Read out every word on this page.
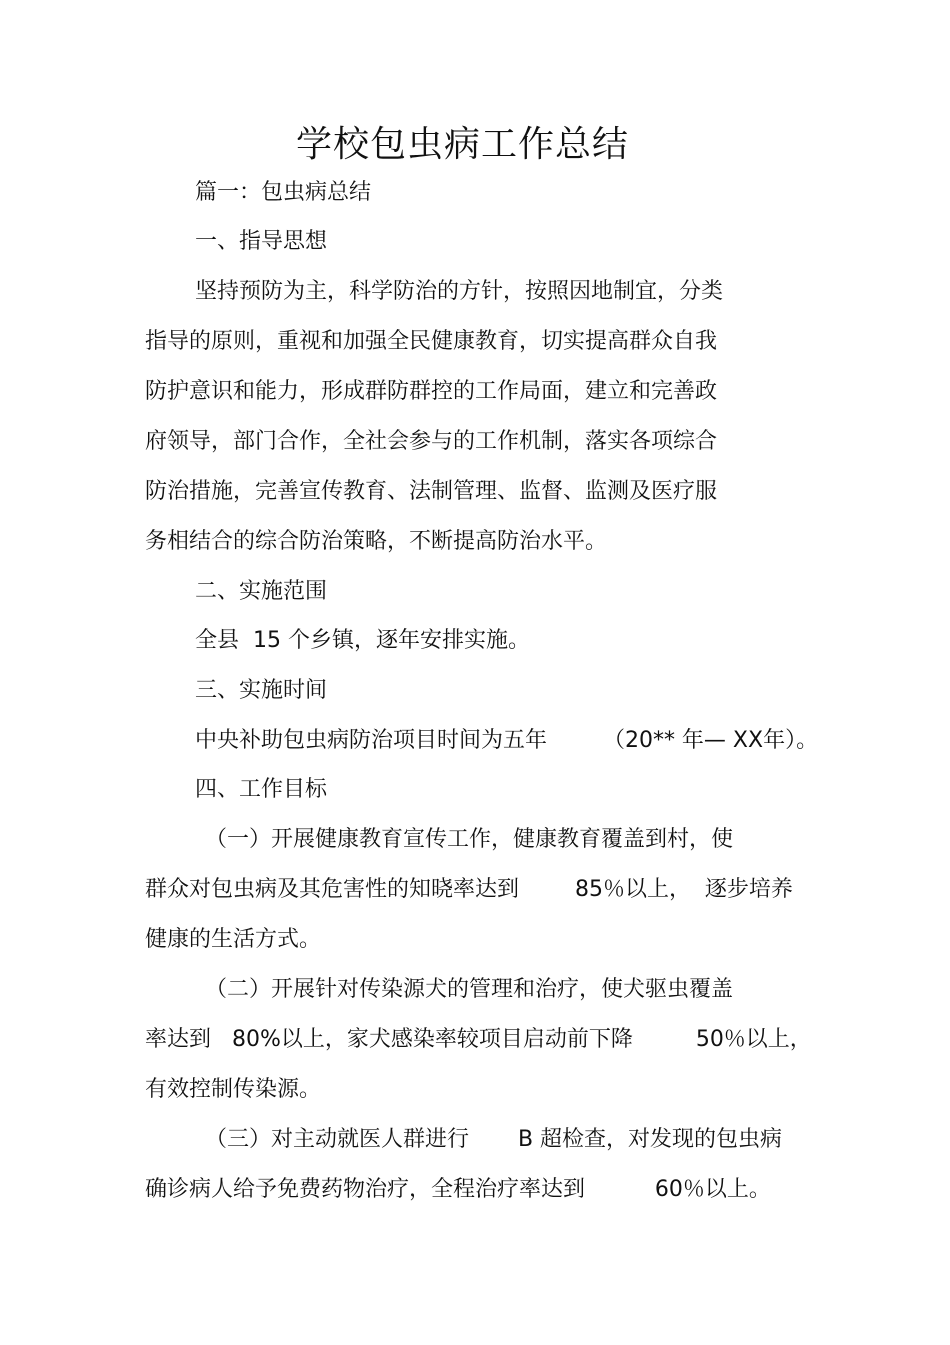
学校包虫病工作总结

篇一：包虫病总结

一、指导思想

坚持预防为主，科学防治的方针，按照因地制宜，分类

指导的原则，重视和加强全民健康教育，切实提高群众自我

防护意识和能力，形成群防群控的工作局面，建立和完善政

府领导，部门合作，全社会参与的工作机制，落实各项综合

防治措施，完善宣传教育、法制管理、监督、监测及医疗服

务相结合的综合防治策略，不断提高防治水平。

二、实施范围

全县  15 个乡镇，逐年安排实施。

三、实施时间

中央补助包虫病防治项目时间为五年        （20** 年— XX年）。

四、工作目标

（一）开展健康教育宣传工作，健康教育覆盖到村，使

群众对包虫病及其危害性的知晓率达到        85％以上，  逐步培养

健康的生活方式。

（二）开展针对传染源犬的管理和治疗，使犬驱虫覆盖

率达到   80%以上，家犬感染率较项目启动前下降         50％以上，

有效控制传染源。

（三）对主动就医人群进行       B 超检查，对发现的包虫病

确诊病人给予免费药物治疗，全程治疗率达到          60％以上。
